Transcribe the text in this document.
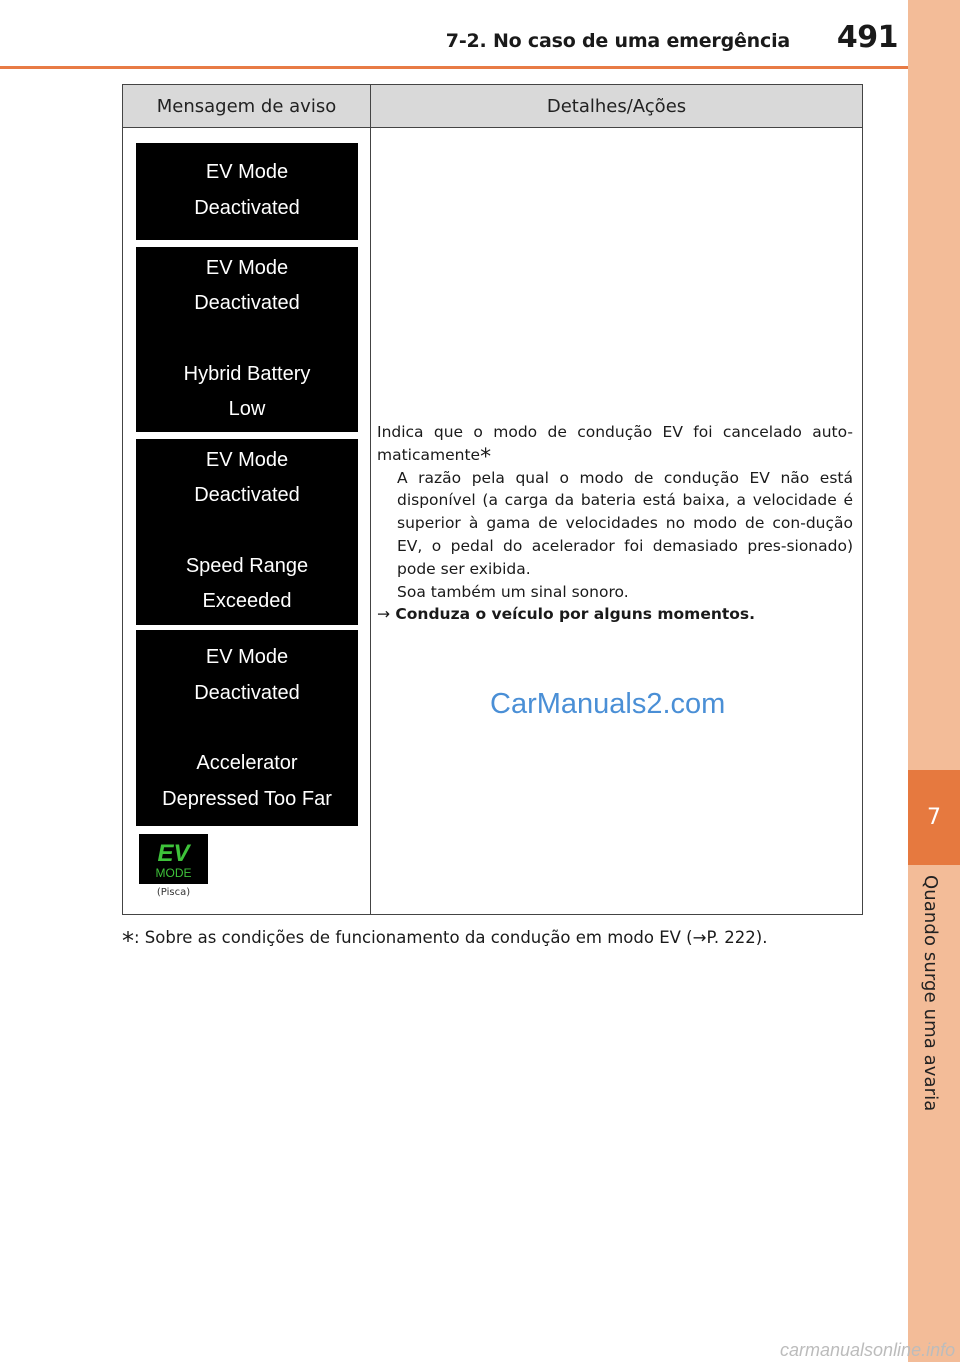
7-2. No caso de uma emergência 491
7
Quando surge uma avaria
Mensagem de aviso	Detalhes/Ações
EV Mode
Deactivated
EV Mode
Deactivated
Hybrid Battery
Low
EV Mode
Deactivated
Speed Range
Exceeded
EV Mode
Deactivated
Accelerator
Depressed Too Far
EV
MODE
(Pisca)

Indica que o modo de condução EV foi cancelado auto-maticamente*

A razão pela qual o modo de condução EV não está disponível (a carga da bateria está baixa, a velocidade é superior à gama de velocidades no modo de con-dução EV, o pedal do acelerador foi demasiado pres-sionado) pode ser exibida.

Soa também um sinal sonoro.

→ Conduza o veículo por alguns momentos.

*: Sobre as condições de funcionamento da condução em modo EV (→P. 222).
CarManuals2.com
carmanualsonline.info
